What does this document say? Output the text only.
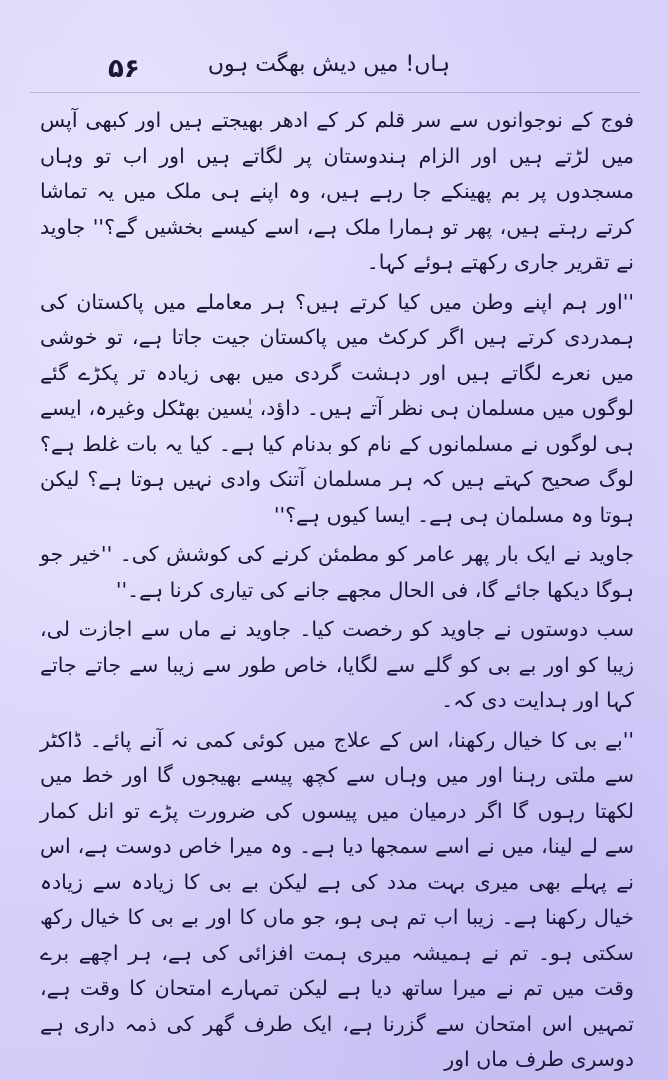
۵۶	ہاں! میں دیش بھگت ہوں

فوج کے نوجوانوں سے سر قلم کر کے ادھر بھیجتے ہیں اور کبھی آپس میں لڑتے ہیں اور الزام ہندوستان پر لگاتے ہیں اور اب تو وہاں مسجدوں پر بم پھینکے جا رہے ہیں، وہ اپنے ہی ملک میں یہ تماشا کرتے رہتے ہیں، پھر تو ہمارا ملک ہے، اسے کیسے بخشیں گے؟'' جاوید نے تقریر جاری رکھتے ہوئے کہا۔

''اور ہم اپنے وطن میں کیا کرتے ہیں؟ ہر معاملے میں پاکستان کی ہمدردی کرتے ہیں اگر کرکٹ میں پاکستان جیت جاتا ہے، تو خوشی میں نعرے لگاتے ہیں اور دہشت گردی میں بھی زیادہ تر پکڑے گئے لوگوں میں مسلمان ہی نظر آتے ہیں۔ داؤد، یٰسین بھٹکل وغیرہ، ایسے ہی لوگوں نے مسلمانوں کے نام کو بدنام کیا ہے۔ کیا یہ بات غلط ہے؟ لوگ صحیح کہتے ہیں کہ ہر مسلمان آتنک وادی نہیں ہوتا ہے؟ لیکن ہوتا وہ مسلمان ہی ہے۔ ایسا کیوں ہے؟''

جاوید نے ایک بار پھر عامر کو مطمئن کرنے کی کوشش کی۔ ''خیر جو ہوگا دیکھا جائے گا، فی الحال مجھے جانے کی تیاری کرنا ہے۔''

سب دوستوں نے جاوید کو رخصت کیا۔ جاوید نے ماں سے اجازت لی، زیبا کو اور بے بی کو گلے سے لگایا، خاص طور سے زیبا سے جاتے جاتے کہا اور ہدایت دی کہ۔

''بے بی کا خیال رکھنا، اس کے علاج میں کوئی کمی نہ آنے پائے۔ ڈاکٹر سے ملتی رہنا اور میں وہاں سے کچھ پیسے بھیجوں گا اور خط میں لکھتا رہوں گا اگر درمیان میں پیسوں کی ضرورت پڑے تو انل کمار سے لے لینا، میں نے اسے سمجھا دیا ہے۔ وہ میرا خاص دوست ہے، اس نے پہلے بھی میری بہت مدد کی ہے لیکن بے بی کا زیادہ سے زیادہ خیال رکھنا ہے۔ زیبا اب تم ہی ہو، جو ماں کا اور بے بی کا خیال رکھ سکتی ہو۔ تم نے ہمیشہ میری ہمت افزائی کی ہے، ہر اچھے برے وقت میں تم نے میرا ساتھ دیا ہے لیکن تمہارے امتحان کا وقت ہے، تمہیں اس امتحان سے گزرنا ہے، ایک طرف گھر کی ذمہ داری ہے دوسری طرف ماں اور
